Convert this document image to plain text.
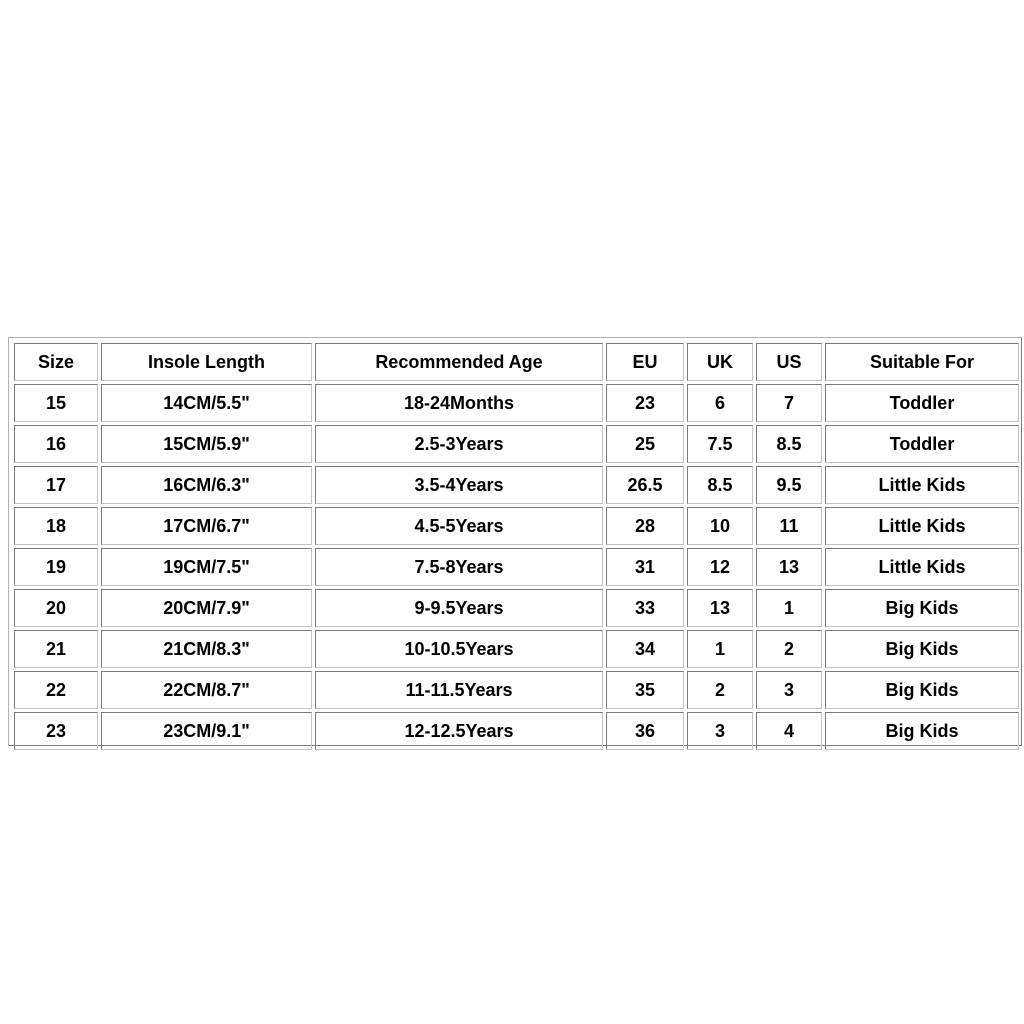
Size	Insole Length	Recommended Age	EU	UK	US	Suitable For
15	14CM/5.5"	18-24Months	23	6	7	Toddler
16	15CM/5.9"	2.5-3Years	25	7.5	8.5	Toddler
17	16CM/6.3"	3.5-4Years	26.5	8.5	9.5	Little Kids
18	17CM/6.7"	4.5-5Years	28	10	11	Little Kids
19	19CM/7.5"	7.5-8Years	31	12	13	Little Kids
20	20CM/7.9"	9-9.5Years	33	13	1	Big Kids
21	21CM/8.3"	10-10.5Years	34	1	2	Big Kids
22	22CM/8.7"	11-11.5Years	35	2	3	Big Kids
23	23CM/9.1"	12-12.5Years	36	3	4	Big Kids
